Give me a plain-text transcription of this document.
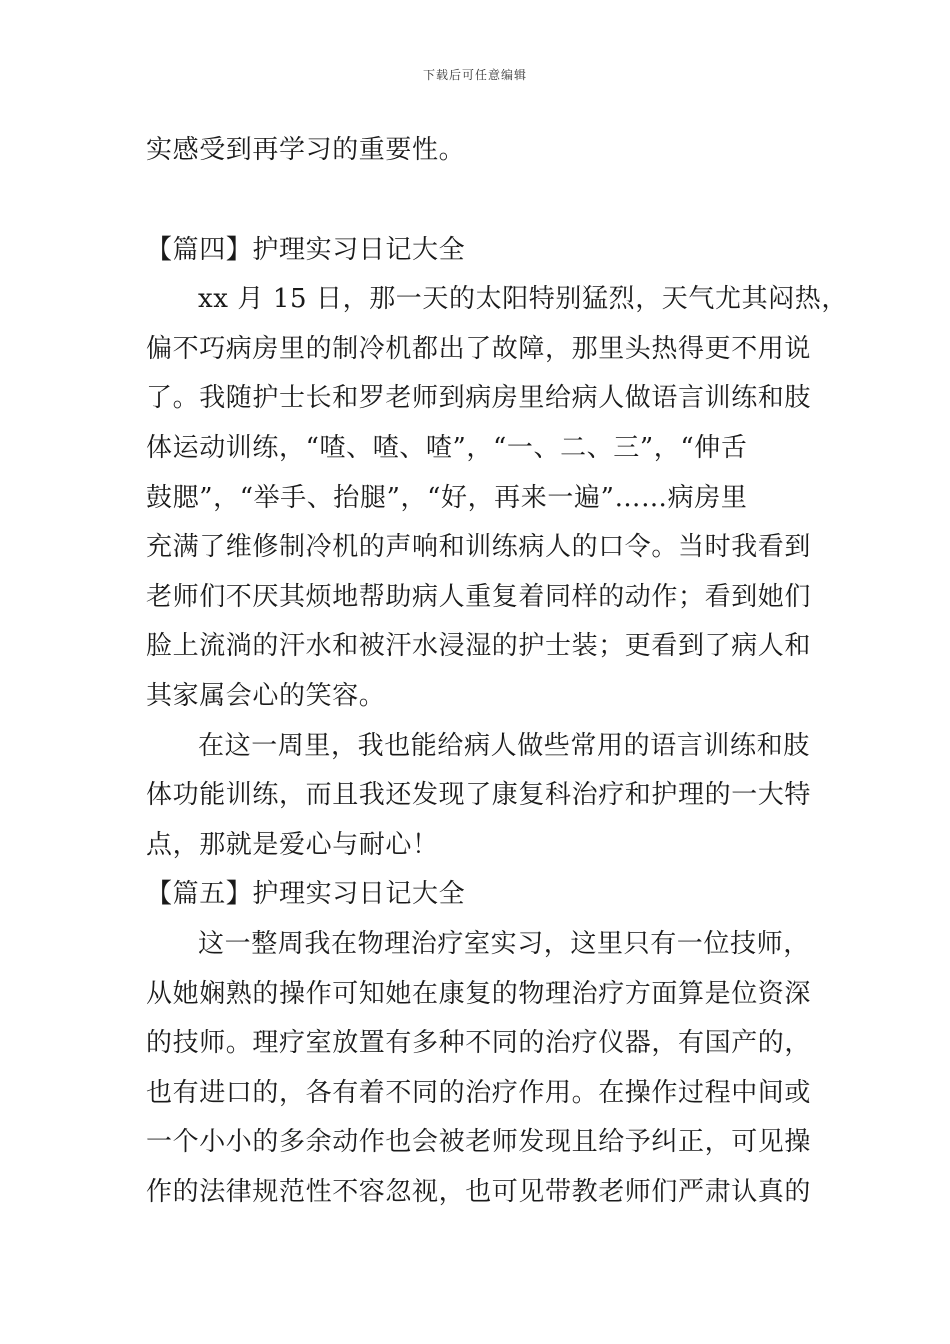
下载后可任意编辑
实感受到再学习的重要性。
【篇四】护理实习日记大全
xx 月 15 日，那一天的太阳特别猛烈，天气尤其闷热，
偏不巧病房里的制冷机都出了故障，那里头热得更不用说
了。我随护士长和罗老师到病房里给病人做语言训练和肢
体运动训练，“喳、喳、喳”，“一、二、三”，“伸舌
鼓腮”，“举手、抬腿”，“好，再来一遍”……病房里
充满了维修制冷机的声响和训练病人的口令。当时我看到
老师们不厌其烦地帮助病人重复着同样的动作；看到她们
脸上流淌的汗水和被汗水浸湿的护士装；更看到了病人和
其家属会心的笑容。
在这一周里，我也能给病人做些常用的语言训练和肢
体功能训练，而且我还发现了康复科治疗和护理的一大特
点，那就是爱心与耐心！
【篇五】护理实习日记大全
这一整周我在物理治疗室实习，这里只有一位技师，
从她娴熟的操作可知她在康复的物理治疗方面算是位资深
的技师。理疗室放置有多种不同的治疗仪器，有国产的，
也有进口的，各有着不同的治疗作用。在操作过程中间或
一个小小的多余动作也会被老师发现且给予纠正，可见操
作的法律规范性不容忽视，也可见带教老师们严肃认真的
